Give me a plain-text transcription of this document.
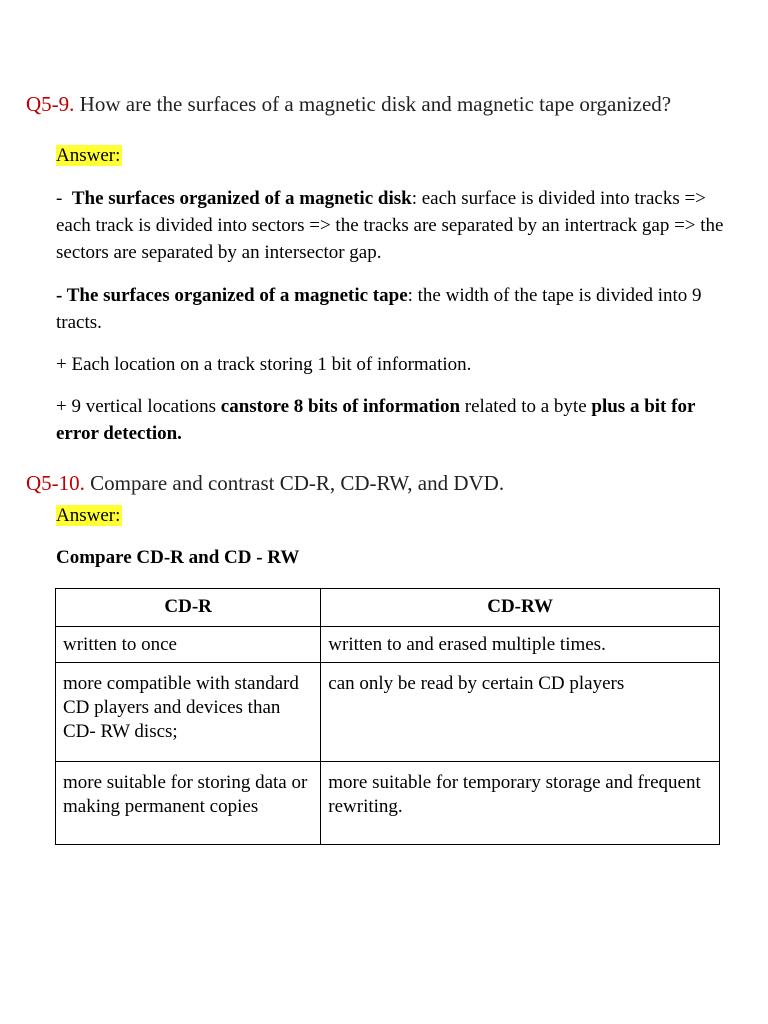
Q5-9. How are the surfaces of a magnetic disk and magnetic tape organized?

Answer:

-  The surfaces organized of a magnetic disk: each surface is divided into tracks => each track is divided into sectors => the tracks are separated by an intertrack gap => the sectors are separated by an intersector gap.

- The surfaces organized of a magnetic tape: the width of the tape is divided into 9 tracts.

+ Each location on a track storing 1 bit of information.

+ 9 vertical locations canstore 8 bits of information related to a byte plus a bit for error detection.

Q5-10. Compare and contrast CD-R, CD-RW, and DVD.

Answer:

Compare CD-R and CD - RW

CD-R	CD-RW
written to once	written to and erased multiple times.
more compatible with standard CD players and devices than CD- RW discs;	can only be read by certain CD players
more suitable for storing data or making permanent copies	more suitable for temporary storage and frequent rewriting.
